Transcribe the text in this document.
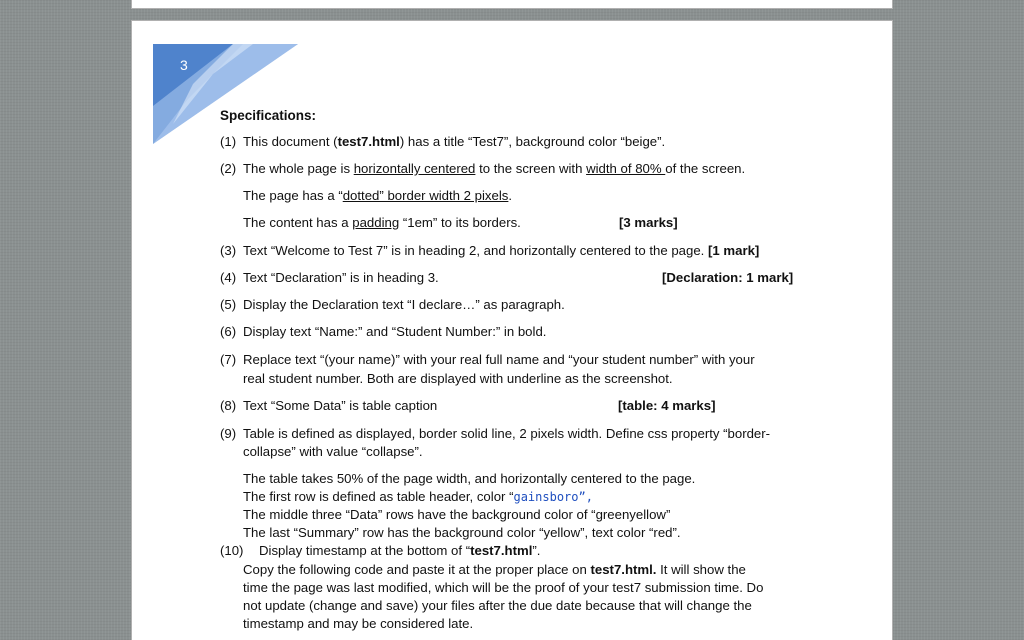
3
Specifications:
(1) This document (test7.html) has a title “Test7”, background color “beige”.
(2) The whole page is horizontally centered to the screen with width of 80% of the screen.
The page has a “dotted” border width 2 pixels.
The content has a padding “1em” to its borders.	[3 marks]
(3) Text “Welcome to Test 7” is in heading 2, and horizontally centered to the page. [1 mark]
(4) Text “Declaration” is in heading 3.	[Declaration: 1 mark]
(5) Display the Declaration text “I declare…” as paragraph.
(6) Display text “Name:” and “Student Number:” in bold.
(7) Replace text “(your name)” with your real full name and “your student number” with your
real student number. Both are displayed with underline as the screenshot.
(8) Text “Some Data” is table caption	[table: 4 marks]
(9) Table is defined as displayed, border solid line, 2 pixels width. Define css property “border-
collapse” with value “collapse”.
The table takes 50% of the page width, and horizontally centered to the page.
The first row is defined as table header, color “gainsboro”,
The middle three “Data” rows have the background color of “greenyellow”
The last “Summary” row has the background color “yellow”, text color “red”.
(10) Display timestamp at the bottom of “test7.html”.
Copy the following code and paste it at the proper place on test7.html. It will show the
time the page was last modified, which will be the proof of your test7 submission time. Do
not update (change and save) your files after the due date because that will change the
timestamp and may be considered late.
